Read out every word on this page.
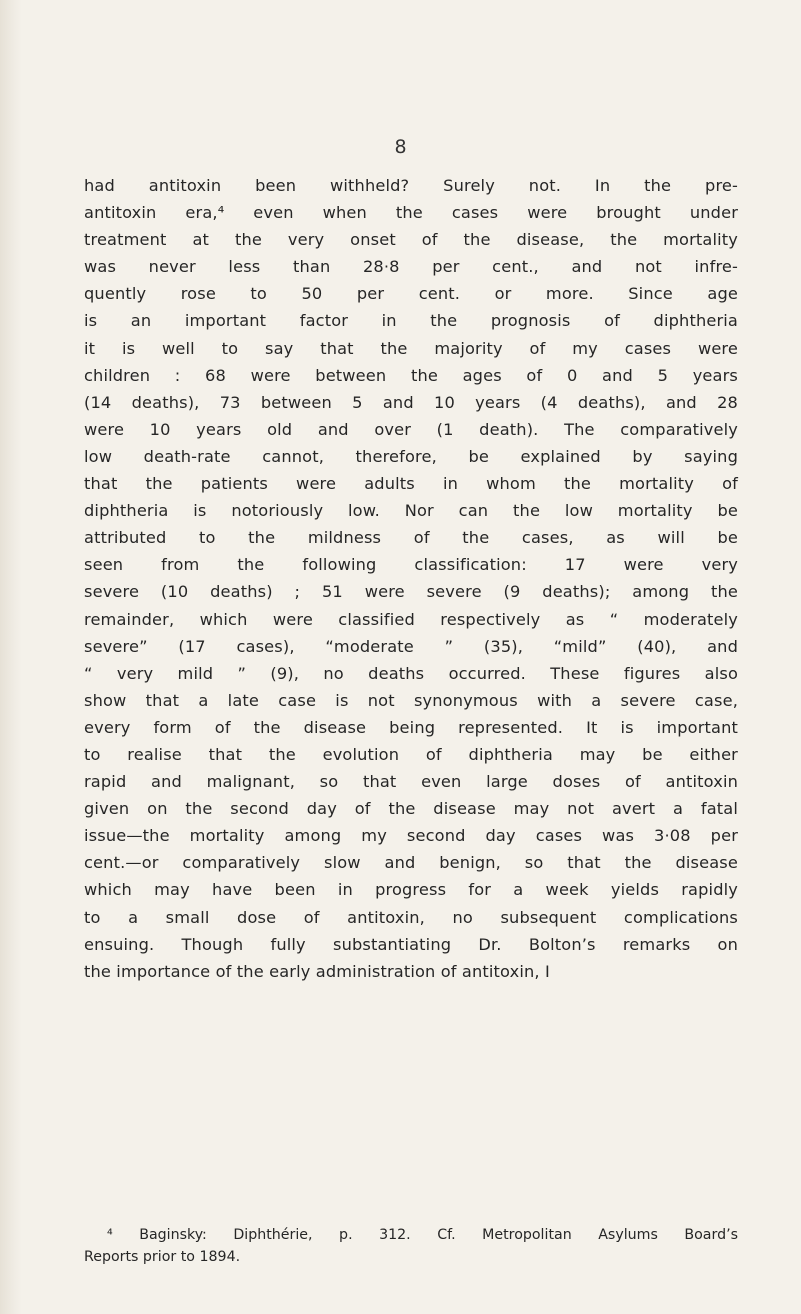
8
had antitoxin been withheld? Surely not. In the pre-
antitoxin era,⁴ even when the cases were brought under
treatment at the very onset of the disease, the mortality
was never less than 28·8 per cent., and not infre-
quently rose to 50 per cent. or more. Since age
is an important factor in the prognosis of diphtheria
it is well to say that the majority of my cases were
children : 68 were between the ages of 0 and 5 years
(14 deaths), 73 between 5 and 10 years (4 deaths), and 28
were 10 years old and over (1 death). The comparatively
low death-rate cannot, therefore, be explained by saying
that the patients were adults in whom the mortality of
diphtheria is notoriously low. Nor can the low mortality be
attributed to the mildness of the cases, as will be
seen from the following classification: 17 were very
severe (10 deaths) ; 51 were severe (9 deaths); among the
remainder, which were classified respectively as “ moderately
severe” (17 cases), “moderate ” (35), “mild” (40), and
“ very mild ” (9), no deaths occurred. These figures also
show that a late case is not synonymous with a severe case,
every form of the disease being represented. It is important
to realise that the evolution of diphtheria may be either
rapid and malignant, so that even large doses of antitoxin
given on the second day of the disease may not avert a fatal
issue—the mortality among my second day cases was 3·08 per
cent.—or comparatively slow and benign, so that the disease
which may have been in progress for a week yields rapidly
to a small dose of antitoxin, no subsequent complications
ensuing. Though fully substantiating Dr. Bolton’s remarks on
the importance of the early administration of antitoxin, I
⁴ Baginsky: Diphthérie, p. 312. Cf. Metropolitan Asylums Board’s
Reports prior to 1894.
